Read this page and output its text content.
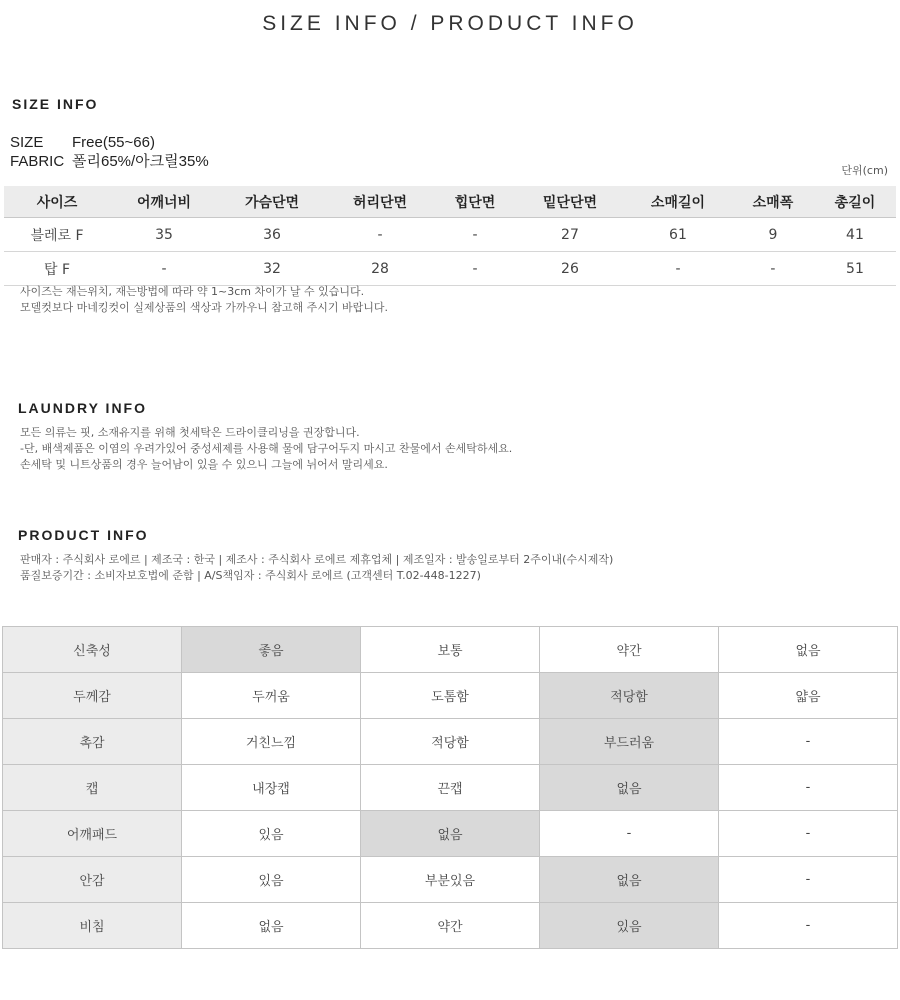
SIZE INFO / PRODUCT INFO
SIZE INFO
SIZE Free(55~66)
FABRIC 폴리65%/아크릴35%
단위(cm)
사이즈	어깨너비	가슴단면	허리단면	힙단면	밑단단면	소매길이	소매폭	총길이
블레로 F	35	36	-	-	27	61	9	41
탑 F	-	32	28	-	26	-	-	51
사이즈는 재는위치, 재는방법에 따라 약 1~3cm 차이가 날 수 있습니다.
모델컷보다 마네킹컷이 실제상품의 색상과 가까우니 참고해 주시기 바랍니다.
LAUNDRY INFO
모든 의류는 핏, 소재유지를 위해 첫세탁은 드라이클리닝을 권장합니다.
-단, 배색제품은 이염의 우려가있어 중성세제를 사용해 물에 담구어두지 마시고 찬물에서 손세탁하세요.
손세탁 및 니트상품의 경우 늘어남이 있을 수 있으니 그늘에 뉘어서 말리세요.
PRODUCT INFO
판매자 : 주식회사 로에르 | 제조국 : 한국 | 제조사 : 주식회사 로에르 제휴업체 | 제조일자 : 발송일로부터 2주이내(수시제작)
품질보증기간 : 소비자보호법에 준함 | A/S책임자 : 주식회사 로에르 (고객센터 T.02-448-1227)
신축성	좋음	보통	약간	없음
두께감	두꺼움	도톰함	적당함	얇음
촉감	거친느낌	적당함	부드러움	-
캡	내장캡	끈캡	없음	-
어깨패드	있음	없음	-	-
안감	있음	부분있음	없음	-
비침	없음	약간	있음	-
